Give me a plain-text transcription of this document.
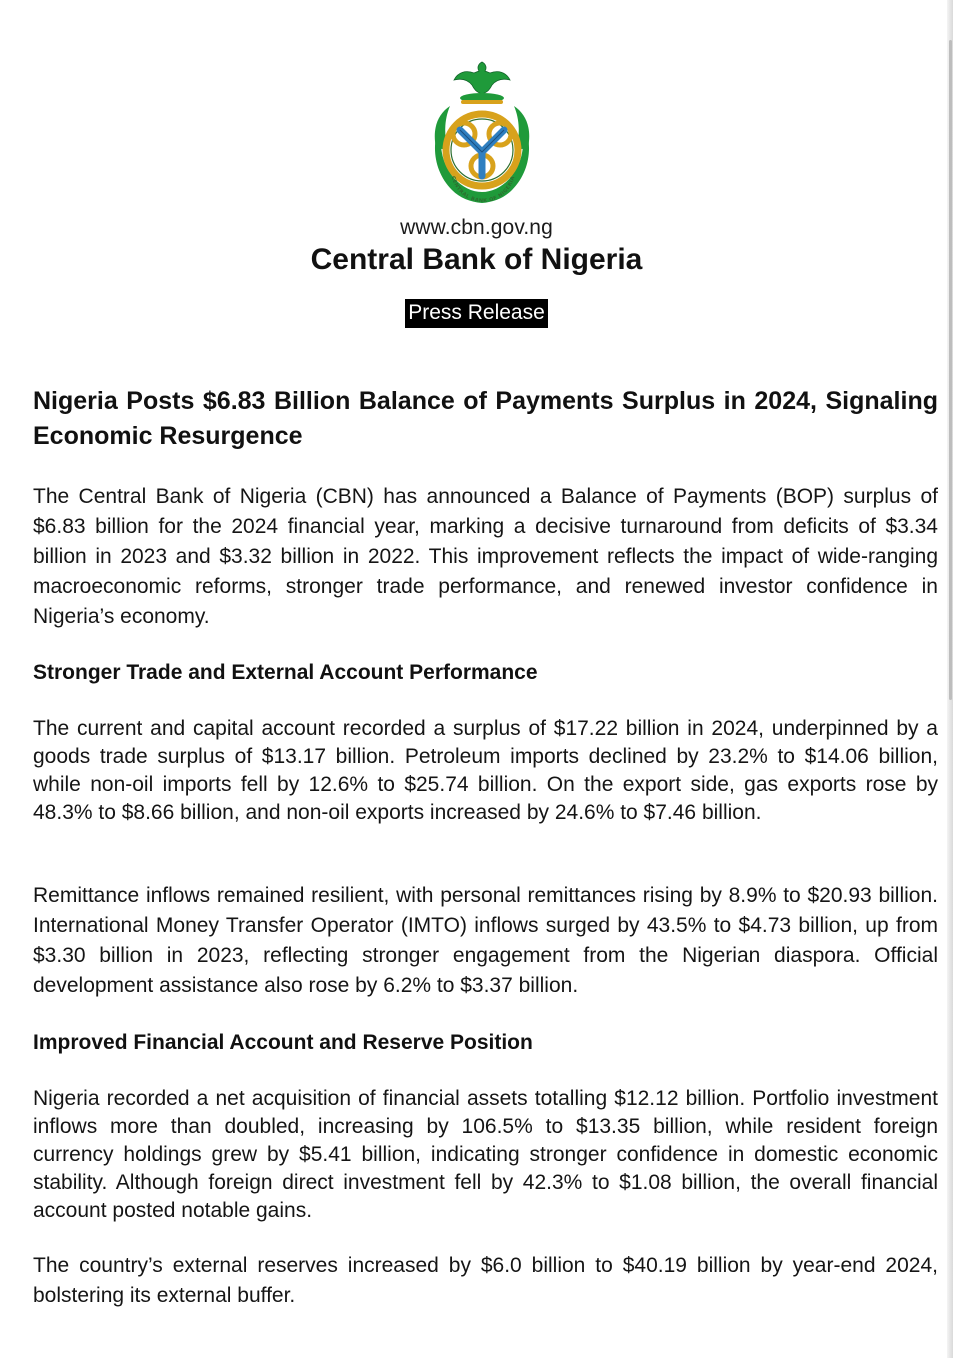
CENTRAL BANK OF NIGERIA
www.cbn.gov.ng
Central Bank of Nigeria
Press Release
Nigeria Posts $6.83 Billion Balance of Payments Surplus in 2024, Signaling Economic Resurgence

The Central Bank of Nigeria (CBN) has announced a Balance of Payments (BOP) surplus of $6.83 billion for the 2024 financial year, marking a decisive turnaround from deficits of $3.34 billion in 2023 and $3.32 billion in 2022. This improvement reflects the impact of wide-ranging macroeconomic reforms, stronger trade performance, and renewed investor confidence in Nigeria’s economy.

Stronger Trade and External Account Performance

The current and capital account recorded a surplus of $17.22 billion in 2024, underpinned by a goods trade surplus of $13.17 billion. Petroleum imports declined by 23.2% to $14.06 billion, while non-oil imports fell by 12.6% to $25.74 billion. On the export side, gas exports rose by 48.3% to $8.66 billion, and non-oil exports increased by 24.6% to $7.46 billion.

Remittance inflows remained resilient, with personal remittances rising by 8.9% to $20.93 billion. International Money Transfer Operator (IMTO) inflows surged by 43.5% to $4.73 billion, up from $3.30 billion in 2023, reflecting stronger engagement from the Nigerian diaspora. Official development assistance also rose by 6.2% to $3.37 billion.

Improved Financial Account and Reserve Position

Nigeria recorded a net acquisition of financial assets totalling $12.12 billion. Portfolio investment inflows more than doubled, increasing by 106.5% to $13.35 billion, while resident foreign currency holdings grew by $5.41 billion, indicating stronger confidence in domestic economic stability. Although foreign direct investment fell by 42.3% to $1.08 billion, the overall financial account posted notable gains.

The country’s external reserves increased by $6.0 billion to $40.19 billion by year-end 2024, bolstering its external buffer.
